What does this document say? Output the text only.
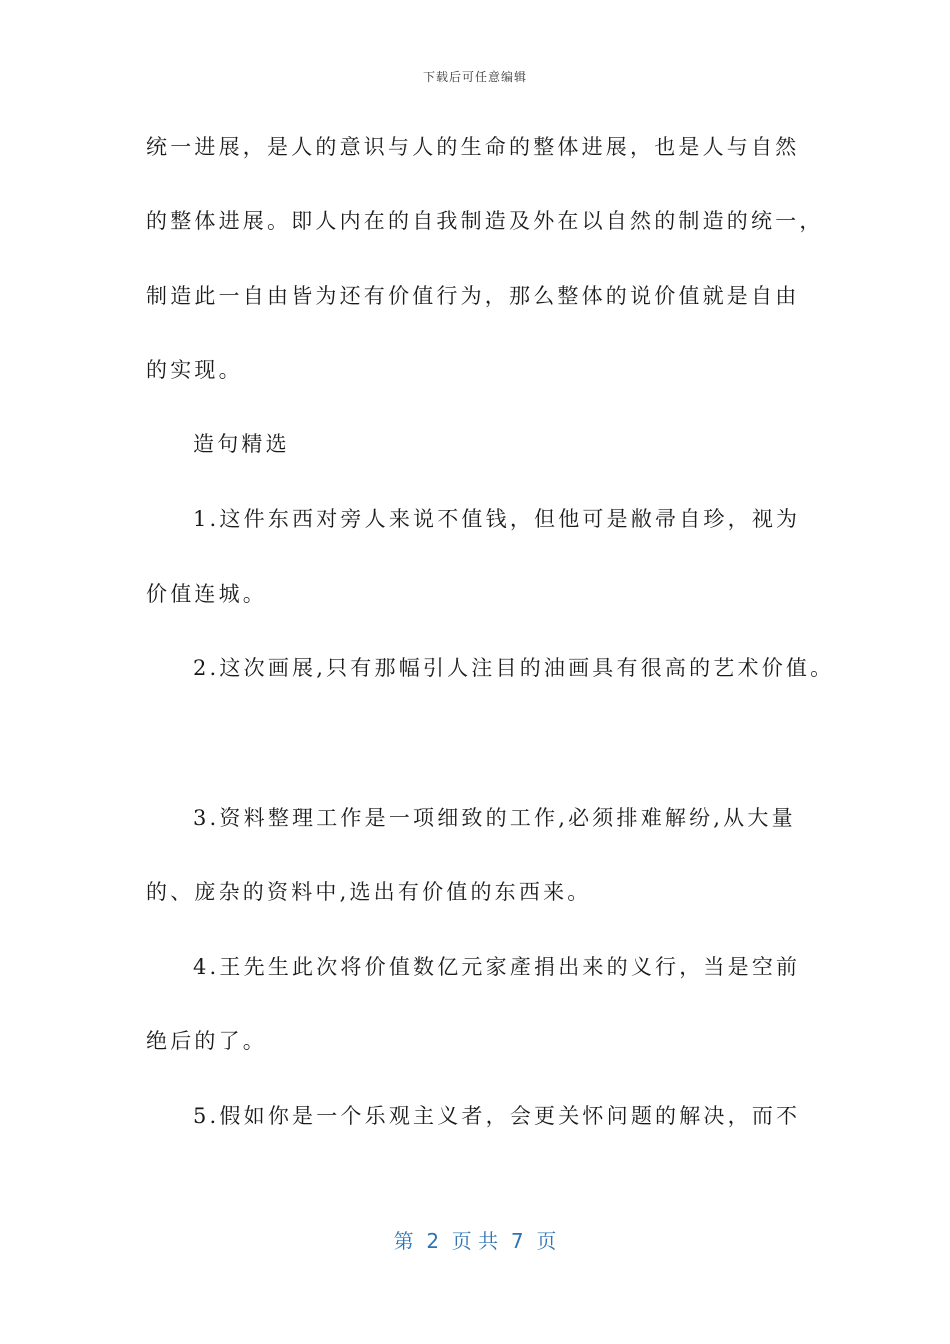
下载后可任意编辑
统一进展，是人的意识与人的生命的整体进展，也是人与自然
的整体进展。即人内在的自我制造及外在以自然的制造的统一，
制造此一自由皆为还有价值行为，那么整体的说价值就是自由
的实现。
造句精选
1.这件东西对旁人来说不值钱，但他可是敝帚自珍，视为
价值连城。
2.这次画展,只有那幅引人注目的油画具有很高的艺术价值。
3.资料整理工作是一项细致的工作,必须排难解纷,从大量
的、庞杂的资料中,选出有价值的东西来。
4.王先生此次将价值数亿元家產捐出来的义行，当是空前
绝后的了。
5.假如你是一个乐观主义者，会更关怀问题的解决，而不
第  2  页 共  7  页
